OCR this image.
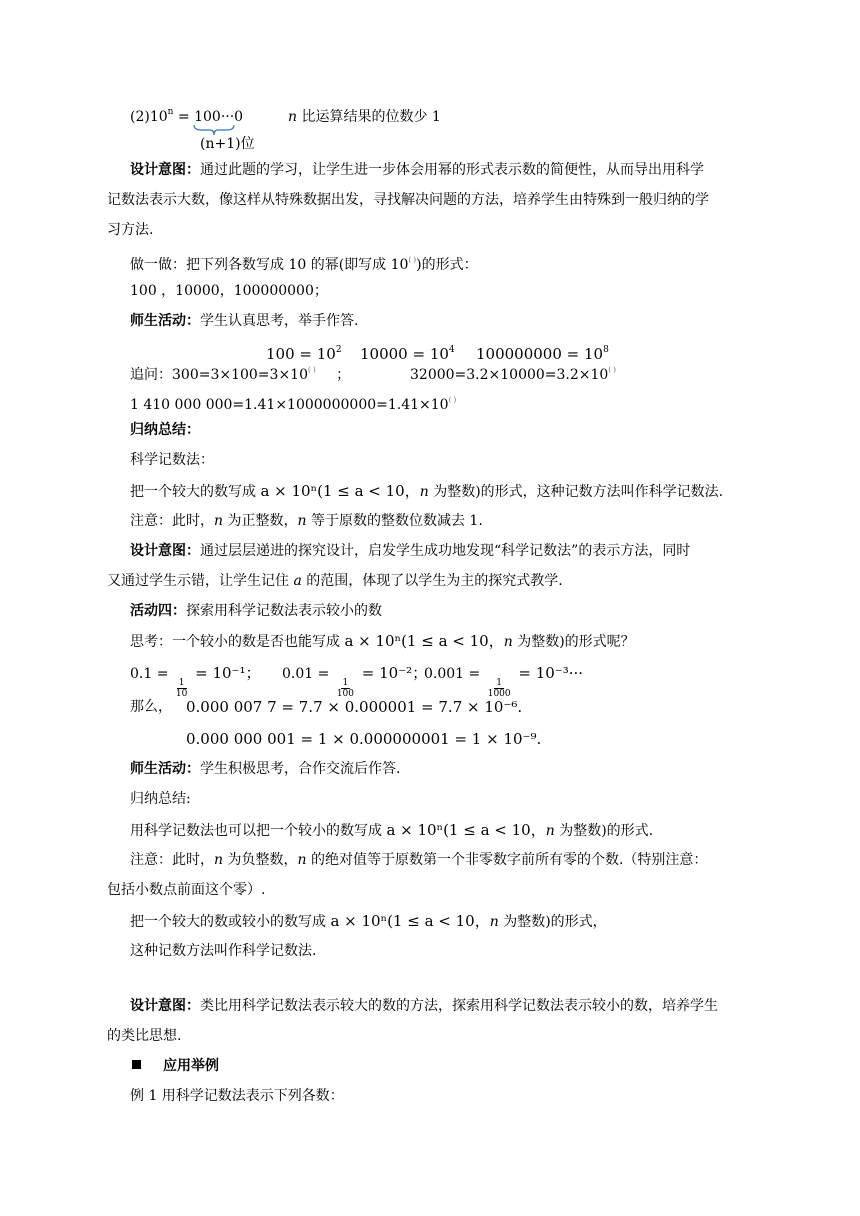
$(2)10^n = 100\cdot\cdot\cdot 0$	n 比运算结果的位数少 1
(n+1)位
设计意图：通过此题的学习，让学生进一步体会用幂的形式表示数的简便性，从而导出用科学
记数法表示大数，像这样从特殊数据出发，寻找解决问题的方法，培养学生由特殊到一般归纳的学
习方法.
做一做：把下列各数写成 10 的幂(即写成 10( ))的形式：
100 ，10000，100000000；
师生活动：学生认真思考，举手作答.
$100 = 10^2$ $10000 = 10^4$ $100000000 = 10^8$
追问：300=3×100=3×10( ) ；	32000=3.2×10000=3.2×10( )
1 410 000 000=1.41×1000000000=1.41×10( )
归纳总结：
科学记数法：
把一个较大的数写成 a × 10ⁿ(1 ≤ a < 10，n 为整数)的形式，这种记数方法叫作科学记数法.
注意：此时，n 为正整数，n 等于原数的整数位数减去 1.
设计意图：通过层层递进的探究设计，启发学生成功地发现“科学记数法”的表示方法，同时
又通过学生示错，让学生记住 a 的范围，体现了以学生为主的探究式教学.
活动四：探索用科学记数法表示较小的数
思考：一个较小的数是否也能写成 a × 10ⁿ(1 ≤ a < 10，n 为整数)的形式呢？
0.1 =
$\frac{1}{10}$
= 10⁻¹； 0.01 =
$\frac{1}{100}$
= 10⁻²；
0.001 =
$\frac{1}{1000}$
= 10⁻³···
那么， 0.000 007 7 = 7.7 × 0.000001 = 7.7 × 10⁻⁶.
0.000 000 001 = 1 × 0.000000001 = 1 × 10⁻⁹.
师生活动：学生积极思考，合作交流后作答.
归纳总结:
用科学记数法也可以把一个较小的数写成 a × 10ⁿ(1 ≤ a < 10，n 为整数)的形式.
注意：此时，n 为负整数，n 的绝对值等于原数第一个非零数字前所有零的个数.（特别注意：
包括小数点前面这个零）.
把一个较大的数或较小的数写成 a × 10ⁿ(1 ≤ a < 10，n 为整数)的形式，
这种记数方法叫作科学记数法.
设计意图：类比用科学记数法表示较大的数的方法，探索用科学记数法表示较小的数，培养学生
的类比思想.
应用举例
例 1 用科学记数法表示下列各数：
